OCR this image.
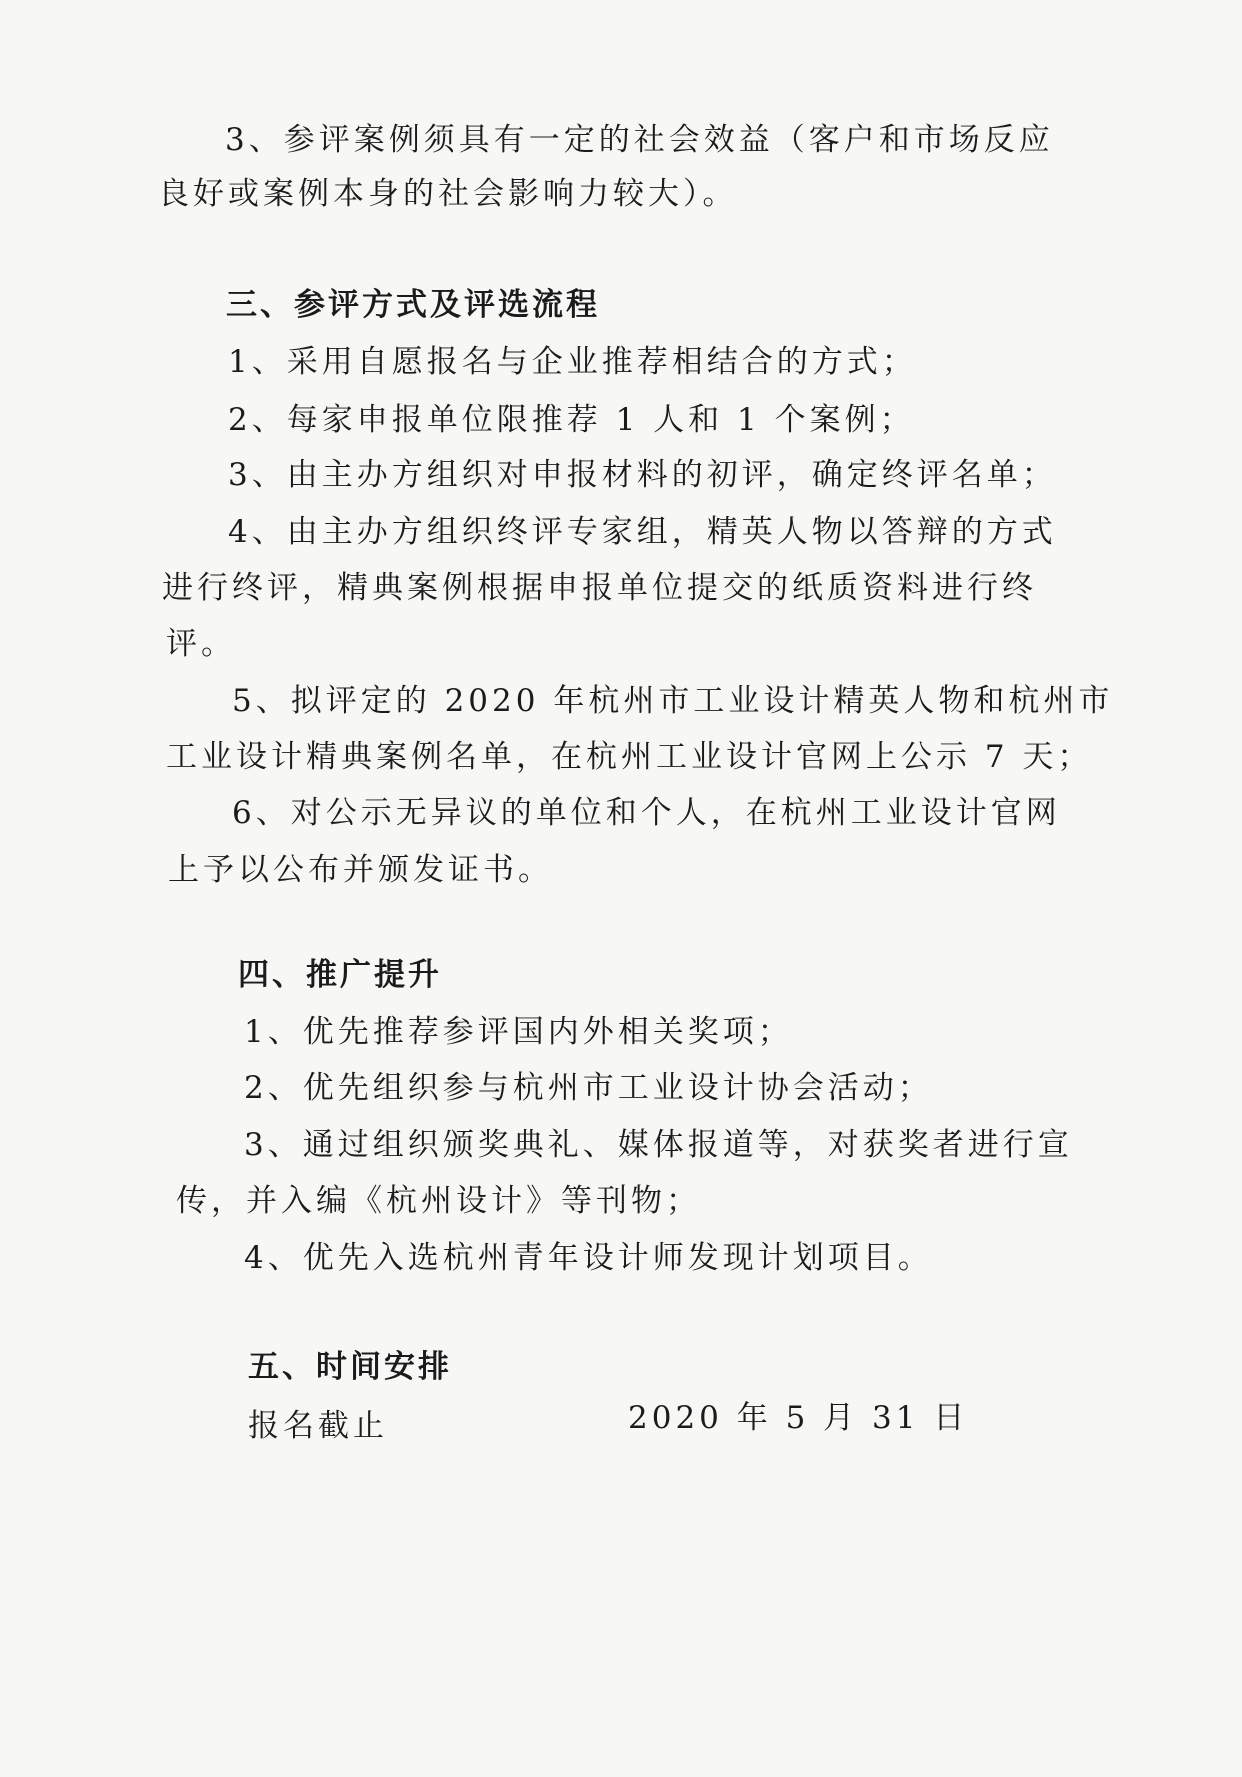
3、参评案例须具有一定的社会效益（客户和市场反应
良好或案例本身的社会影响力较大）。
三、参评方式及评选流程
1、采用自愿报名与企业推荐相结合的方式；
2、每家申报单位限推荐 1 人和 1 个案例；
3、由主办方组织对申报材料的初评，确定终评名单；
4、由主办方组织终评专家组，精英人物以答辩的方式
进行终评，精典案例根据申报单位提交的纸质资料进行终
评。
5、拟评定的 2020 年杭州市工业设计精英人物和杭州市
工业设计精典案例名单，在杭州工业设计官网上公示 7 天；
6、对公示无异议的单位和个人，在杭州工业设计官网
上予以公布并颁发证书。
四、推广提升
1、优先推荐参评国内外相关奖项；
2、优先组织参与杭州市工业设计协会活动；
3、通过组织颁奖典礼、媒体报道等，对获奖者进行宣
传，并入编《杭州设计》等刊物；
4、优先入选杭州青年设计师发现计划项目。
五、时间安排
报名截止	2020 年 5 月 31 日
